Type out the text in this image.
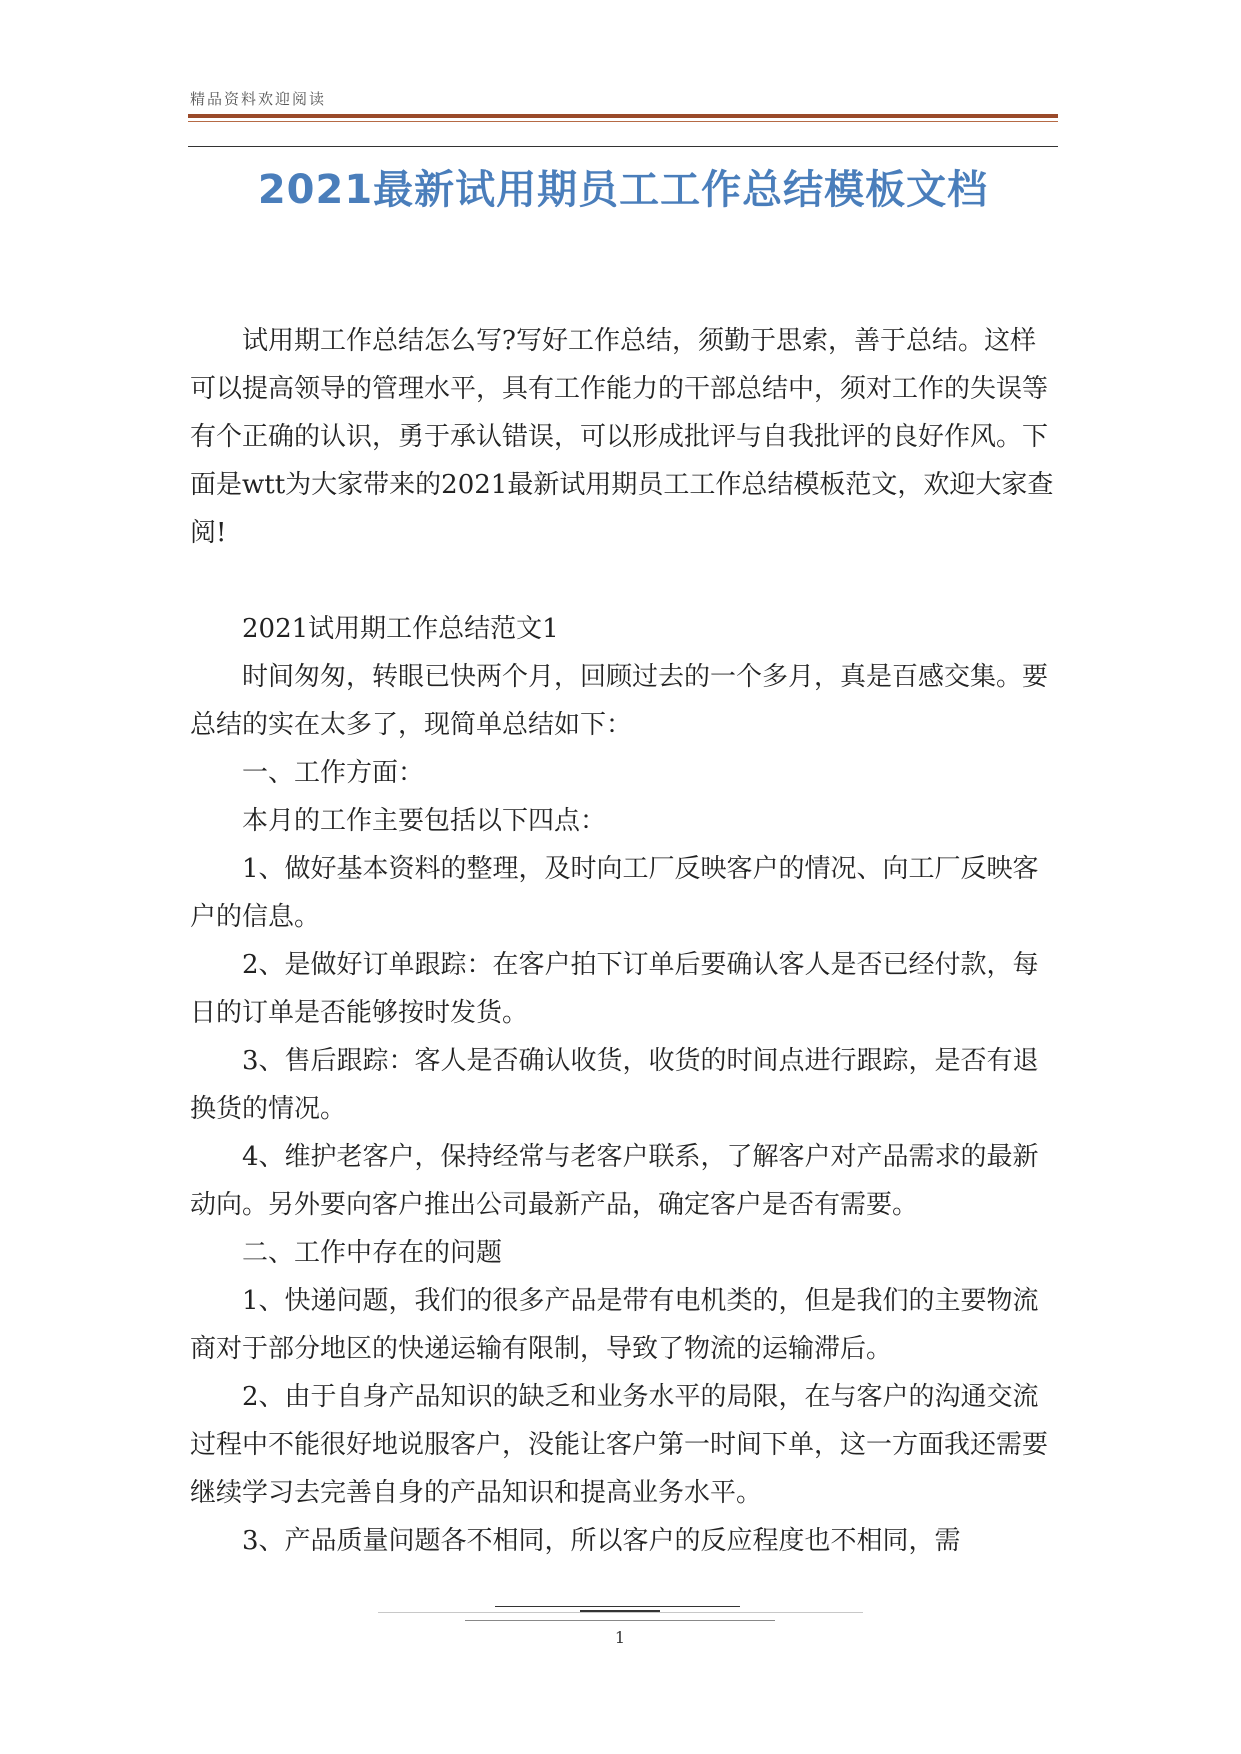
精品资料欢迎阅读
2021最新试用期员工工作总结模板文档

试用期工作总结怎么写?写好工作总结，须勤于思索，善于总结。这样可以提高领导的管理水平，具有工作能力的干部总结中，须对工作的失误等有个正确的认识，勇于承认错误，可以形成批评与自我批评的良好作风。下面是wtt为大家带来的2021最新试用期员工工作总结模板范文，欢迎大家查阅!

2021试用期工作总结范文1

时间匆匆，转眼已快两个月，回顾过去的一个多月，真是百感交集。要总结的实在太多了，现简单总结如下：

一、工作方面：

本月的工作主要包括以下四点：

1、做好基本资料的整理，及时向工厂反映客户的情况、向工厂反映客户的信息。

2、是做好订单跟踪：在客户拍下订单后要确认客人是否已经付款，每日的订单是否能够按时发货。

3、售后跟踪：客人是否确认收货，收货的时间点进行跟踪，是否有退换货的情况。

4、维护老客户，保持经常与老客户联系，了解客户对产品需求的最新动向。另外要向客户推出公司最新产品，确定客户是否有需要。

二、工作中存在的问题

1、快递问题，我们的很多产品是带有电机类的，但是我们的主要物流商对于部分地区的快递运输有限制，导致了物流的运输滞后。

2、由于自身产品知识的缺乏和业务水平的局限，在与客户的沟通交流过程中不能很好地说服客户，没能让客户第一时间下单，这一方面我还需要继续学习去完善自身的产品知识和提高业务水平。

3、产品质量问题各不相同，所以客户的反应程度也不相同，需

1
